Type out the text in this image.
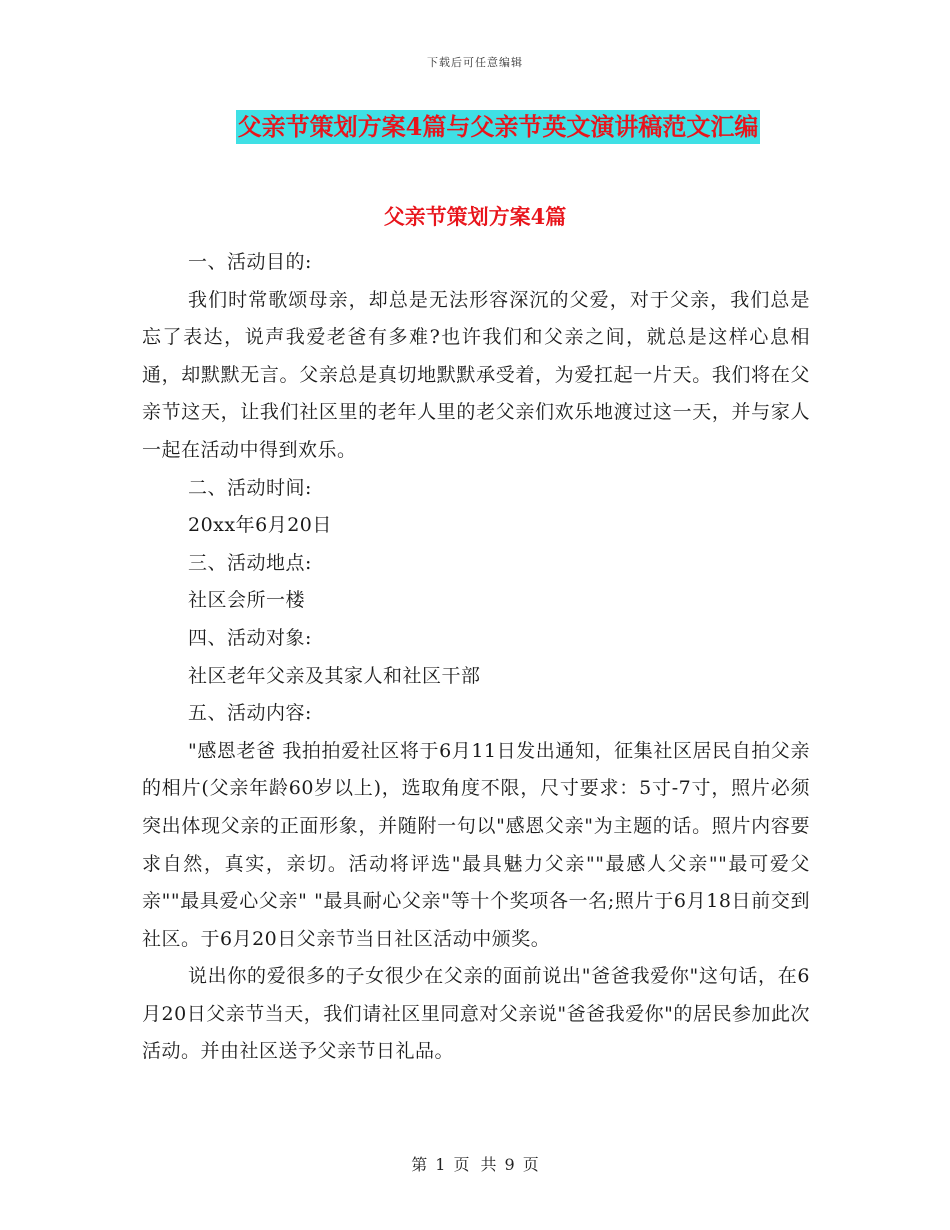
下载后可任意编辑
父亲节策划方案4篇与父亲节英文演讲稿范文汇编
父亲节策划方案4篇

一、活动目的:

我们时常歌颂母亲，却总是无法形容深沉的父爱，对于父亲，我们总是忘了表达，说声我爱老爸有多难?也许我们和父亲之间，就总是这样心息相通，却默默无言。父亲总是真切地默默承受着，为爱扛起一片天。我们将在父亲节这天，让我们社区里的老年人里的老父亲们欢乐地渡过这一天，并与家人一起在活动中得到欢乐。

二、活动时间:

20xx年6月20日

三、活动地点:

社区会所一楼

四、活动对象:

社区老年父亲及其家人和社区干部

五、活动内容:

"感恩老爸 我拍拍爱社区将于6月11日发出通知，征集社区居民自拍父亲的相片(父亲年龄60岁以上)，选取角度不限，尺寸要求：5寸-7寸，照片必须突出体现父亲的正面形象，并随附一句以"感恩父亲"为主题的话。照片内容要求自然，真实，亲切。活动将评选"最具魅力父亲""最感人父亲""最可爱父亲""最具爱心父亲" "最具耐心父亲"等十个奖项各一名;照片于6月18日前交到社区。于6月20日父亲节当日社区活动中颁奖。

说出你的爱很多的子女很少在父亲的面前说出"爸爸我爱你"这句话，在6月20日父亲节当天，我们请社区里同意对父亲说"爸爸我爱你"的居民参加此次活动。并由社区送予父亲节日礼品。

第 1 页 共 9 页
